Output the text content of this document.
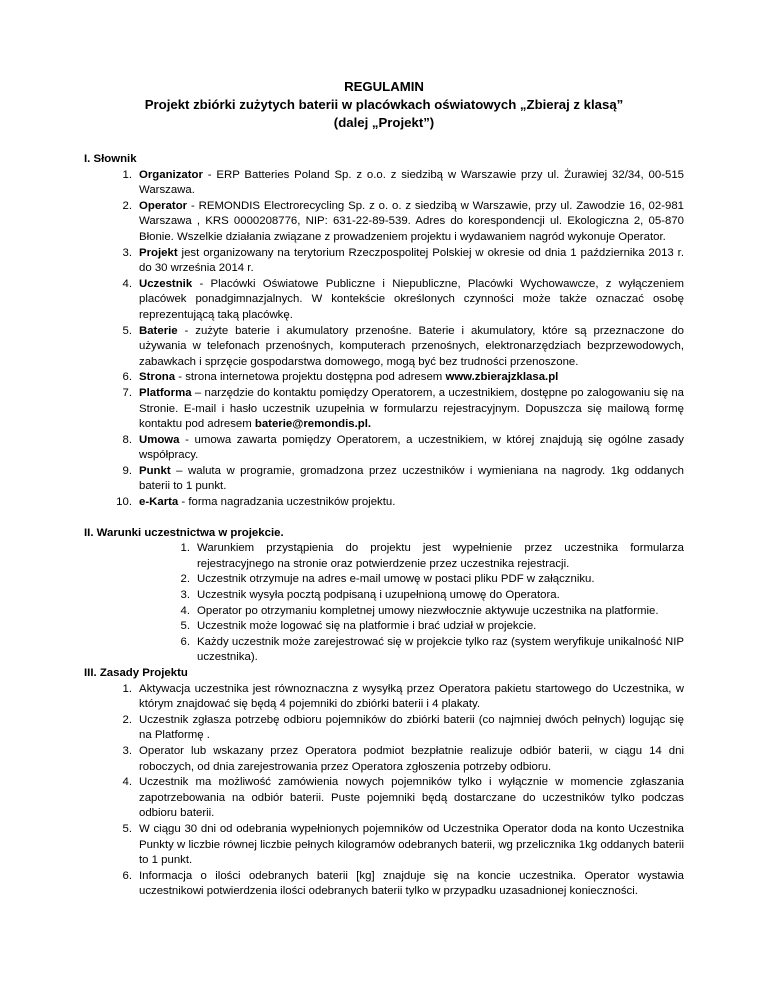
REGULAMIN
Projekt zbiórki zużytych baterii w placówkach oświatowych „Zbieraj z klasą”
(dalej „Projekt”)
I. Słownik
1. Organizator - ERP Batteries Poland Sp. z o.o. z siedzibą w Warszawie przy ul. Żurawiej 32/34, 00-515 Warszawa.
2. Operator - REMONDIS Electrorecycling Sp. z o. o. z siedzibą w Warszawie, przy ul. Zawodzie 16, 02-981 Warszawa , KRS 0000208776, NIP: 631-22-89-539. Adres do korespondencji ul. Ekologiczna 2, 05-870 Błonie. Wszelkie działania związane z prowadzeniem projektu i wydawaniem nagród wykonuje Operator.
3. Projekt jest organizowany na terytorium Rzeczpospolitej Polskiej w okresie od dnia 1 października 2013 r. do 30 września 2014 r.
4. Uczestnik - Placówki Oświatowe Publiczne i Niepubliczne, Placówki Wychowawcze, z wyłączeniem placówek ponadgimnazjalnych. W kontekście określonych czynności może także oznaczać osobę reprezentującą taką placówkę.
5. Baterie - zużyte baterie i akumulatory przenośne. Baterie i akumulatory, które są przeznaczone do używania w telefonach przenośnych, komputerach przenośnych, elektronarzędziach bezprzewodowych, zabawkach i sprzęcie gospodarstwa domowego, mogą być bez trudności przenoszone.
6. Strona - strona internetowa projektu dostępna pod adresem www.zbierajzklasa.pl
7. Platforma – narzędzie do kontaktu pomiędzy Operatorem, a uczestnikiem, dostępne po zalogowaniu się na Stronie. E-mail i hasło uczestnik uzupełnia w formularzu rejestracyjnym. Dopuszcza się mailową formę kontaktu pod adresem baterie@remondis.pl.
8. Umowa - umowa zawarta pomiędzy Operatorem, a uczestnikiem, w której znajdują się ogólne zasady współpracy.
9. Punkt – waluta w programie, gromadzona przez uczestników i wymieniana na nagrody. 1kg oddanych baterii to 1 punkt.
10. e-Karta - forma nagradzania uczestników projektu.
II. Warunki uczestnictwa w projekcie.
1. Warunkiem przystąpienia do projektu jest wypełnienie przez uczestnika formularza rejestracyjnego na stronie oraz potwierdzenie przez uczestnika rejestracji.
2. Uczestnik otrzymuje na adres e-mail umowę w postaci pliku PDF w załączniku.
3. Uczestnik wysyła pocztą podpisaną i uzupełnioną umowę do Operatora.
4. Operator po otrzymaniu kompletnej umowy niezwłocznie aktywuje uczestnika na platformie.
5. Uczestnik może logować się na platformie i brać udział w projekcie.
6. Każdy uczestnik może zarejestrować się w projekcie tylko raz (system weryfikuje unikalność NIP uczestnika).
III. Zasady Projektu
1. Aktywacja uczestnika jest równoznaczna z wysyłką przez Operatora pakietu startowego do Uczestnika, w którym znajdować się będą 4 pojemniki do zbiórki baterii i 4 plakaty.
2. Uczestnik zgłasza potrzebę odbioru pojemników do zbiórki baterii (co najmniej dwóch pełnych) logując się na Platformę .
3. Operator lub wskazany przez Operatora podmiot bezpłatnie realizuje odbiór baterii, w ciągu 14 dni roboczych, od dnia zarejestrowania przez Operatora zgłoszenia potrzeby odbioru.
4. Uczestnik ma możliwość zamówienia nowych pojemników tylko i wyłącznie w momencie zgłaszania zapotrzebowania na odbiór baterii. Puste pojemniki będą dostarczane do uczestników tylko podczas odbioru baterii.
5. W ciągu 30 dni od odebrania wypełnionych pojemników od Uczestnika Operator doda na konto Uczestnika Punkty w liczbie równej liczbie pełnych kilogramów odebranych baterii, wg przelicznika 1kg oddanych baterii to 1 punkt.
6. Informacja o ilości odebranych baterii [kg] znajduje się na koncie uczestnika. Operator wystawia uczestnikowi potwierdzenia ilości odebranych baterii tylko w przypadku uzasadnionej konieczności.
